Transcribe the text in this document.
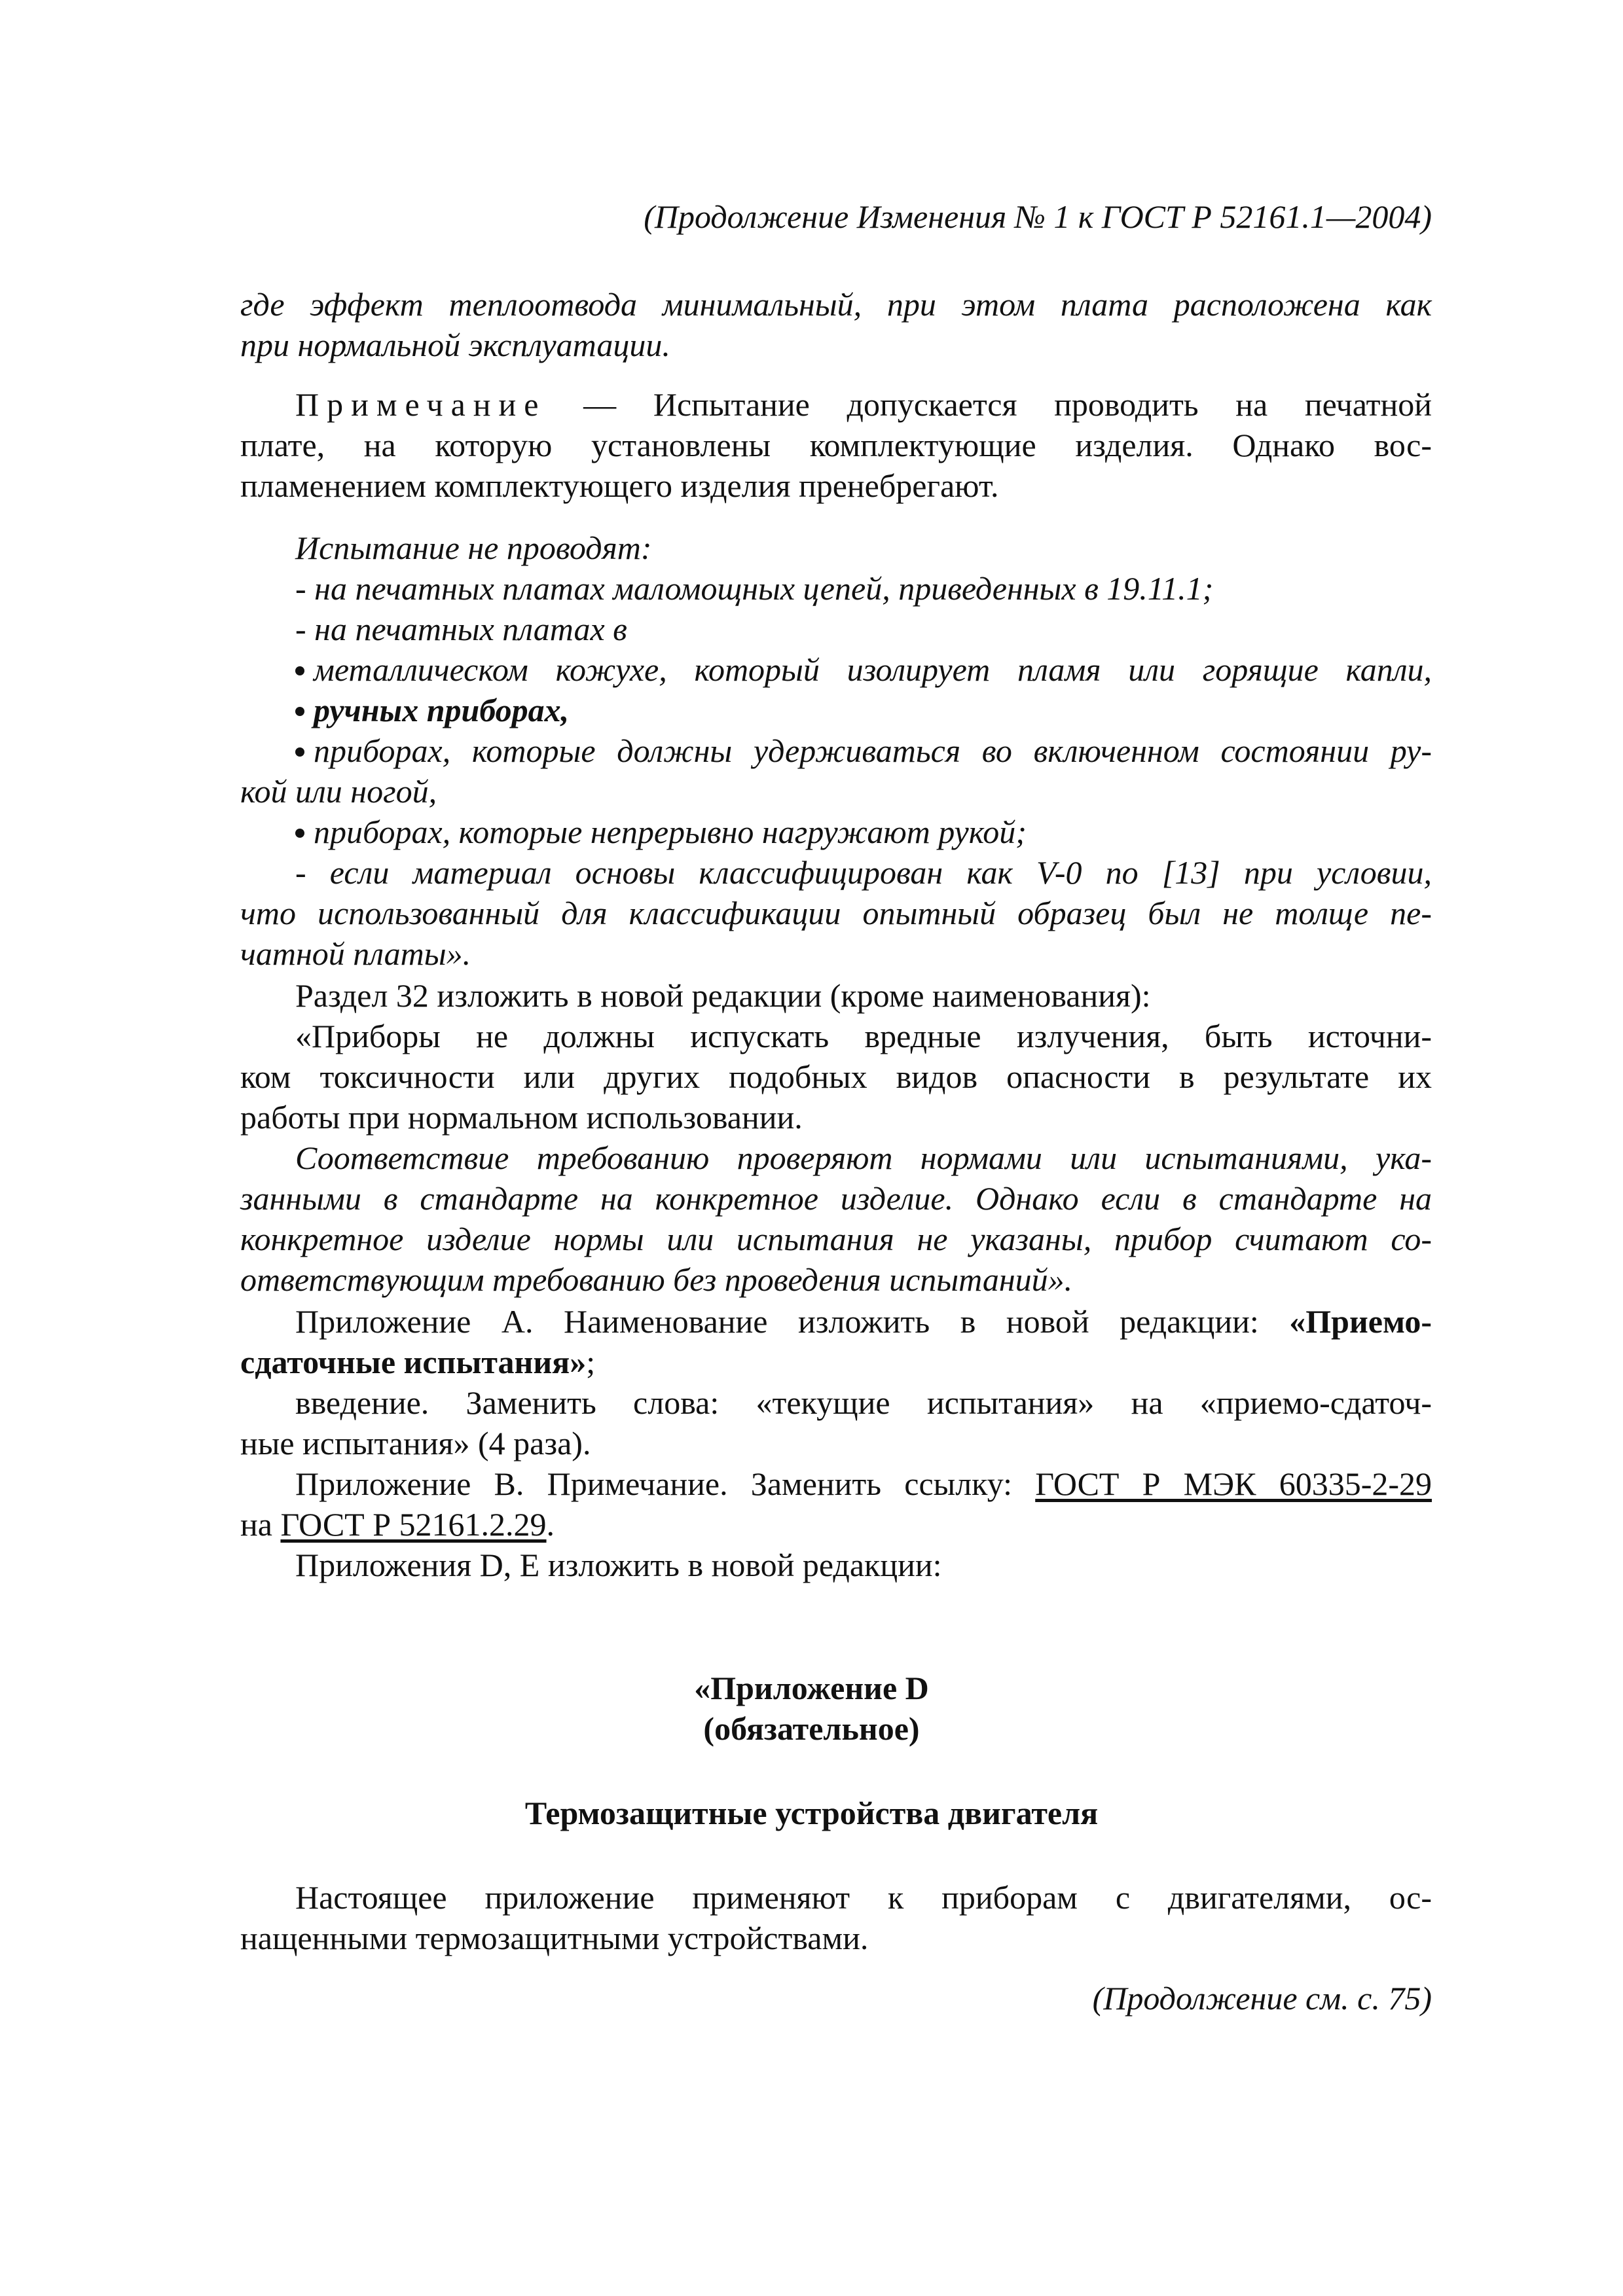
(Продолжение Изменения № 1 к ГОСТ Р 52161.1—2004)
где эффект теплоотвода минимальный, при этом плата расположена как
при нормальной эксплуатации.
Примечание — Испытание допускается проводить на печатной
плате, на которую установлены комплектующие изделия. Однако вос-
пламенением комплектующего изделия пренебрегают.
Испытание не проводят:
- на печатных платах маломощных цепей, приведенных в 19.11.1;
- на печатных платах в
металлическом кожухе, который изолирует пламя или горящие капли,
ручных приборах,
приборах, которые должны удерживаться во включенном состоянии ру-
кой или ногой,
приборах, которые непрерывно нагружают рукой;
- если материал основы классифицирован как V-0 по [13] при условии,
что использованный для классификации опытный образец был не толще пе-
чатной платы».
Раздел 32 изложить в новой редакции (кроме наименования):
«Приборы не должны испускать вредные излучения, быть источни-
ком токсичности или других подобных видов опасности в результате их
работы при нормальном использовании.
Соответствие требованию проверяют нормами или испытаниями, ука-
занными в стандарте на конкретное изделие. Однако если в стандарте на
конкретное изделие нормы или испытания не указаны, прибор считают со-
ответствующим требованию без проведения испытаний».
Приложение А. Наименование изложить в новой редакции: «Приемо-
сдаточные испытания»;
введение. Заменить слова: «текущие испытания» на «приемо-сдаточ-
ные испытания» (4 раза).
Приложение В. Примечание. Заменить ссылку: ГОСТ Р МЭК 60335-2-29
на ГОСТ Р 52161.2.29.
Приложения D, E изложить в новой редакции:
«Приложение D
(обязательное)
Термозащитные устройства двигателя
Настоящее приложение применяют к приборам с двигателями, ос-
нащенными термозащитными устройствами.
(Продолжение см. с. 75)
